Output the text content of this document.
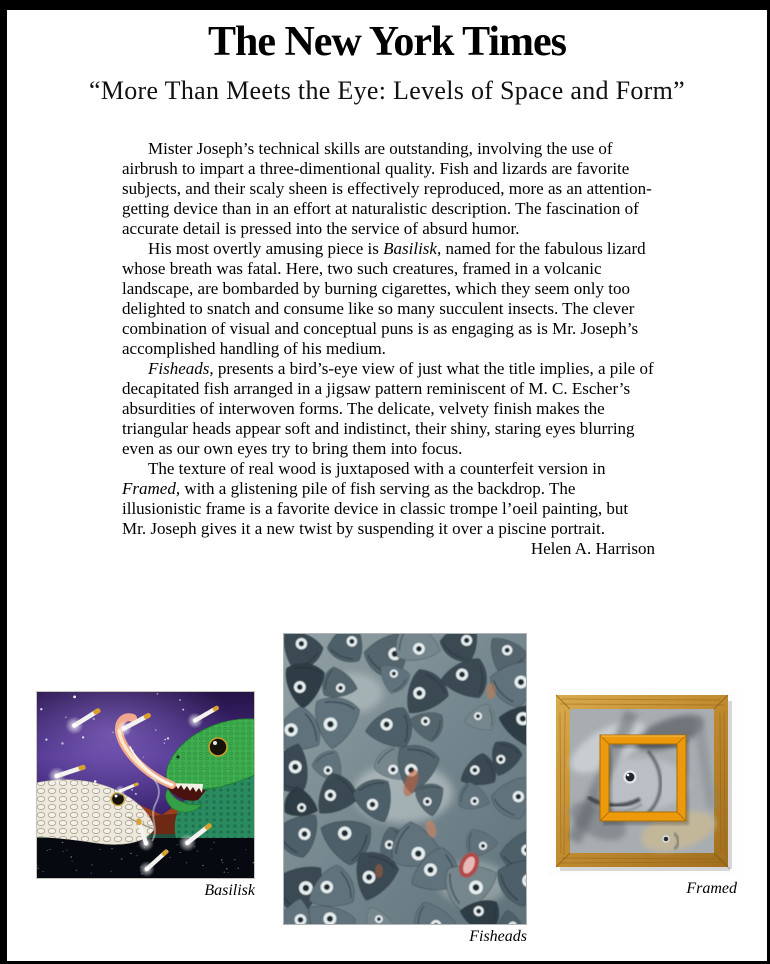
The New York Times
“More Than Meets the Eye: Levels of Space and Form”

Mister Joseph’s technical skills are outstanding, involving the use of airbrush to impart a three-dimentional quality. Fish and lizards are favorite subjects, and their scaly sheen is effectively reproduced, more as an attention-getting device than in an effort at naturalistic description. The fascination of accurate detail is pressed into the service of absurd humor.

His most overtly amusing piece is Basilisk, named for the fabulous lizard whose breath was fatal. Here, two such creatures, framed in a volcanic landscape, are bombarded by burning cigarettes, which they seem only too delighted to snatch and consume like so many succulent insects. The clever combination of visual and conceptual puns is as engaging as is Mr. Joseph’s accomplished handling of his medium.

Fisheads, presents a bird’s-eye view of just what the title implies, a pile of decapitated fish arranged in a jigsaw pattern reminiscent of M. C. Escher’s absurdities of interwoven forms. The delicate, velvety finish makes the triangular heads appear soft and indistinct, their shiny, staring eyes blurring even as our own eyes try to bring them into focus.

The texture of real wood is juxtaposed with a counterfeit version in Framed, with a glistening pile of fish serving as the backdrop. The illusionistic frame is a favorite device in classic trompe l’oeil painting, but Mr. Joseph gives it a new twist by suspending it over a piscine portrait.

Helen A. Harrison
Basilisk
Fisheads
Framed
